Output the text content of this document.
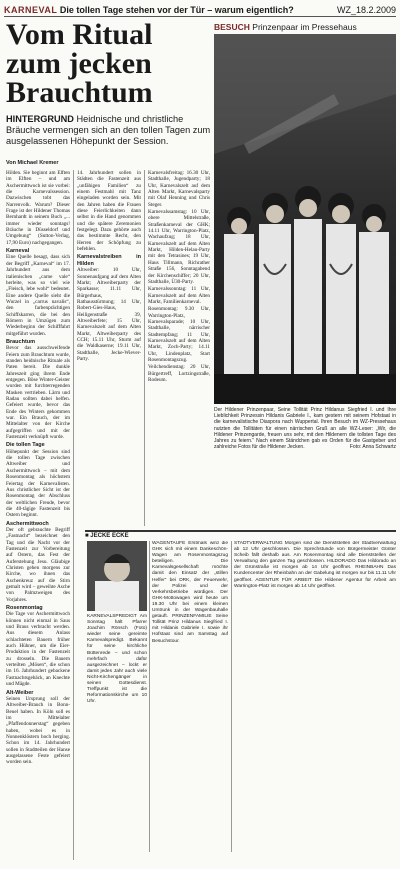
KARNEVAL Die tollen Tage stehen vor der Tür – warum eigentlich?	WZ_18.2.2009
Vom Ritual
zum jecken
Brauchtum
HINTERGRUND Heidnische und christliche Bräuche vermengen sich an den tollen Tagen zum ausgelassenen Höhepunkt der Session.
Von Michael Kremer

Hilden. Sie beginnt am Elften im Elften – und am Aschermittwoch ist sie vorbei: die Karnevalssession. Dazwischen tobt das Narrenvolk. Warum? Dieser Frage ist der Hildener Thomas Bernhardt in seinem Buch „... immer wieder sonntags! Bräuche in Düsseldorf und Umgebung“ (Sutton-Verlag, 17,90 Euro) nachgegangen.

Karneval

Eine Quelle besagt, dass sich der Begriff „Karneval“ im 17. Jahrhundert aus dem italienischen „carne vale“ herleite, was so viel wie „Fleisch, lebe wohl“ bedeutet. Eine andere Quelle sieht die Wurzel in „carrus navalis“, den farbenprächtigen Schiffskarren, die bei den Römern in Umzügen zum Wiederbeginn der Schifffahrt mitgeführt wurden.

Brauchtum

Bevor das ausschweifende Feiern zum Brauchtum wurde, standen heidnische Rituale als Paten bereit. Die dunkle Jahreszeit ging ihrem Ende entgegen. Böse Winter-Geister wurden mit furchterregenden Masken vertrieben. Lärm und Radau sollten dabei helfen. Gefeiert wurde, bevor das Ende des Winters gekommen war. Ein Brauch, der im Mittelalter von der Kirche aufgegriffen und mit der Fastenzeit verknüpft wurde.

Die tollen Tage

Höhepunkt der Session sind die tollen Tage zwischen Altweiber und Aschermittwoch – mit dem Rosenmontag als höchstem Feiertag der Karnevalisten. Aus christlicher Sicht ist der Rosenmontag der Abschluss der weltlichen Freude, bevor die 40-tägige Fastenzeit bis Ostern beginnt.

Aschermittwoch

Der oft gebrauchte Begriff „Fastnacht“ bezeichnet den Tag und die Nacht vor der Fastenzeit zur Vorbereitung auf Ostern, das Fest der Auferstehung Jesu. Gläubige Christen gehen morgens zur Kirche, wo ihnen das Aschenkreuz auf die Stirn gemalt wird – geweihte Asche von Palmzweigen des Vorjahres.

Rosenmontag

Die Tage vor Aschermittwoch können nicht einmal in Saus und Braus verbracht werden. Aus diesem Anlass schlachteten Bauern früher auch Hühner, um die Eier-Produktion in der Fastenzeit zu drosseln. Die Bauern verteilten „Mösen“, die schon im 16. Jahrhundert gebackene Fastnachtsgebäck, an Knechte und Mägde.

Alt-Weiber

Seinen Ursprung soll der Altweiber-Brauch in Bonn-Beuel haben. In Köln soll es im Mittelalter „Pfaffendonnerstag“ gegeben haben, wobei es in Nonnenklöstern hoch herging. Schon im 14. Jahrhundert sollen in Stadtteilen der Hanse ausgelassene Feste gefeiert worden sein.

14. Jahrhundert sollen in Städten die Fastenzeit aus „unfähigen Familien“ zu einem Festmahl mit Tanz eingeladen worden sein. Mit den Jahren haben die Frauen diese Feierlichkeiten dann selbst in die Hand genommen und die spätere Zeremonien festgelegt. Dazu gehörte auch das bestimmte Recht, den Herren der Schöpfung zu befehlen.

Karnevalstreiben in Hilden

Altweiber: 10 Uhr, Sonnenaufgang auf dem Alten Markt; Altweiberparty der Sparkasse; 11.11 Uhr, Bürgerhaus, Rathausstürmung; 14 Uhr, Robert-Gies-Haus, Heiligenstraße 39, Altweiberfete; 15 Uhr, Karnevalszelt auf dem Alten Markt, Altweiberparty des CCH; 15.11 Uhr, Sturm auf die Waldkaserne; 19.11 Uhr, Stadthalle, Jecke-Wiever-Party.

Karnevalsfreitag: 16.30 Uhr, Stadthalle, Jugendparty; 18 Uhr, Karnevalszelt auf dem Alten Markt, Karnevalsparty mit Olaf Henning und Chris Steger.

Karnevalssamstag: 10 Uhr, obere Mittelstraße, Straßenkarneval der GHK; 14.11 Uhr, Warrington-Platz, Wachaufzug; 18 Uhr, Karnevalszelt auf dem Alten Markt, Hilden-Helau-Party mit den Tetrasines; 19 Uhr, Haus Tillmann, Richrather Straße 156, Sonntagabend der Kirchenschiffer; 20 Uhr, Stadthalle, Ü30-Party.

Karnevalssonntag: 11 Uhr, Karnevalszelt auf dem Alten Markt, Familienkarneval.

Rosenmontag: 9.30 Uhr, Warrington-Platz, Karnevalsparade; 10 Uhr, Stadthalle, närrischer Stadtempfang; 11 Uhr, Karnevalszelt auf dem Alten Markt, Zoch-Party; 14.11 Uhr, Lindenplatz, Start Rosenmontagszug.

Veilchendienstag: 20 Uhr, Bürgertreff, Lortzingstraße, Rodeum.

BESUCH Prinzenpaar im Pressehaus
Der Hildener Prinzenpaar, Seine Tollität Prinz Hildanus Siegfried I. und Ihre Lieblichkeit Prinzessin Hildanis Gabriele I., kam gestern mit seinem Hofstaat in die karnevalistische Diaspora nach Wuppertal. Ihren Besuch im WZ-Pressehaus nutzten die Tollitäten für einen närrischen Gruß an alle WZ-Leser: „Wir, die Hildener Prinzengarde, freuen uns sehr, mit den Hildenern die tollsten Tage des Jahres zu feiern.“ Nach einem Ständchen gab es Orden für die Gastgeber und zahlreiche Fotos für die Hildener Jecken.	Foto: Anna Schwartz
■ JECKE ECKE
KARNEVALSPREDIGT Am Sonntag hält Pfarrer Joachim Rönsch (Foto) wieder seine gereimte Karnevalspredigt. Bekannt für seine kirchliche Büttenrede – und schon mehrfach dafür ausgezeichnet – lockt er damit jedes Jahr auch viele Nicht-Kirchengänger in seinen Gottesdienst. Treffpunkt ist die Reformationskirche um 10 Uhr.
WAGENTAUFE Erstmals wird die GHK sich mit einem Dankeschön-Wagen am Rosenmontagszug beteiligen. Die Karnevalsgesellschaft möchte damit den Einsatz der „stillen Helfer“ bei DRK, der Feuerwehr, der Polizei und der Verkehrsbetriebe würdigen. Der GHK-Mottowagen wird heute um 19.30 Uhr bei einem kleinen Umtrunk in der Wagenbauhalle getauft. PRINZENFAMILIE Seine Tollität Prinz Hildanus Siegfried I. mit Hildanis Gabriele I. sowie ihr Hofstaat sind am Samstag auf Besuchstour.
STADTVERWALTUNG Morgen sind die Dienststellen der Stadtverwaltung ab 12 Uhr geschlossen. Die Sprechstunde von Bürgermeister Günter Scheib fällt deshalb aus. Am Rosenmontag sind alle Dienststellen der Verwaltung den ganzen Tag geschlossen. HILDORADO Das Hildorado an der Grünstraße ist morgen ab 14 Uhr geöffnet. RHEINBAHN Das Kundencenter der Rheinbahn an der Gabelung ist morgen nur bis 11.11 Uhr geöffnet. AGENTUR FÜR ARBEIT Die Hildener Agentur für Arbeit am Warrington-Platz ist morgen ab 14 Uhr geöffnet.
